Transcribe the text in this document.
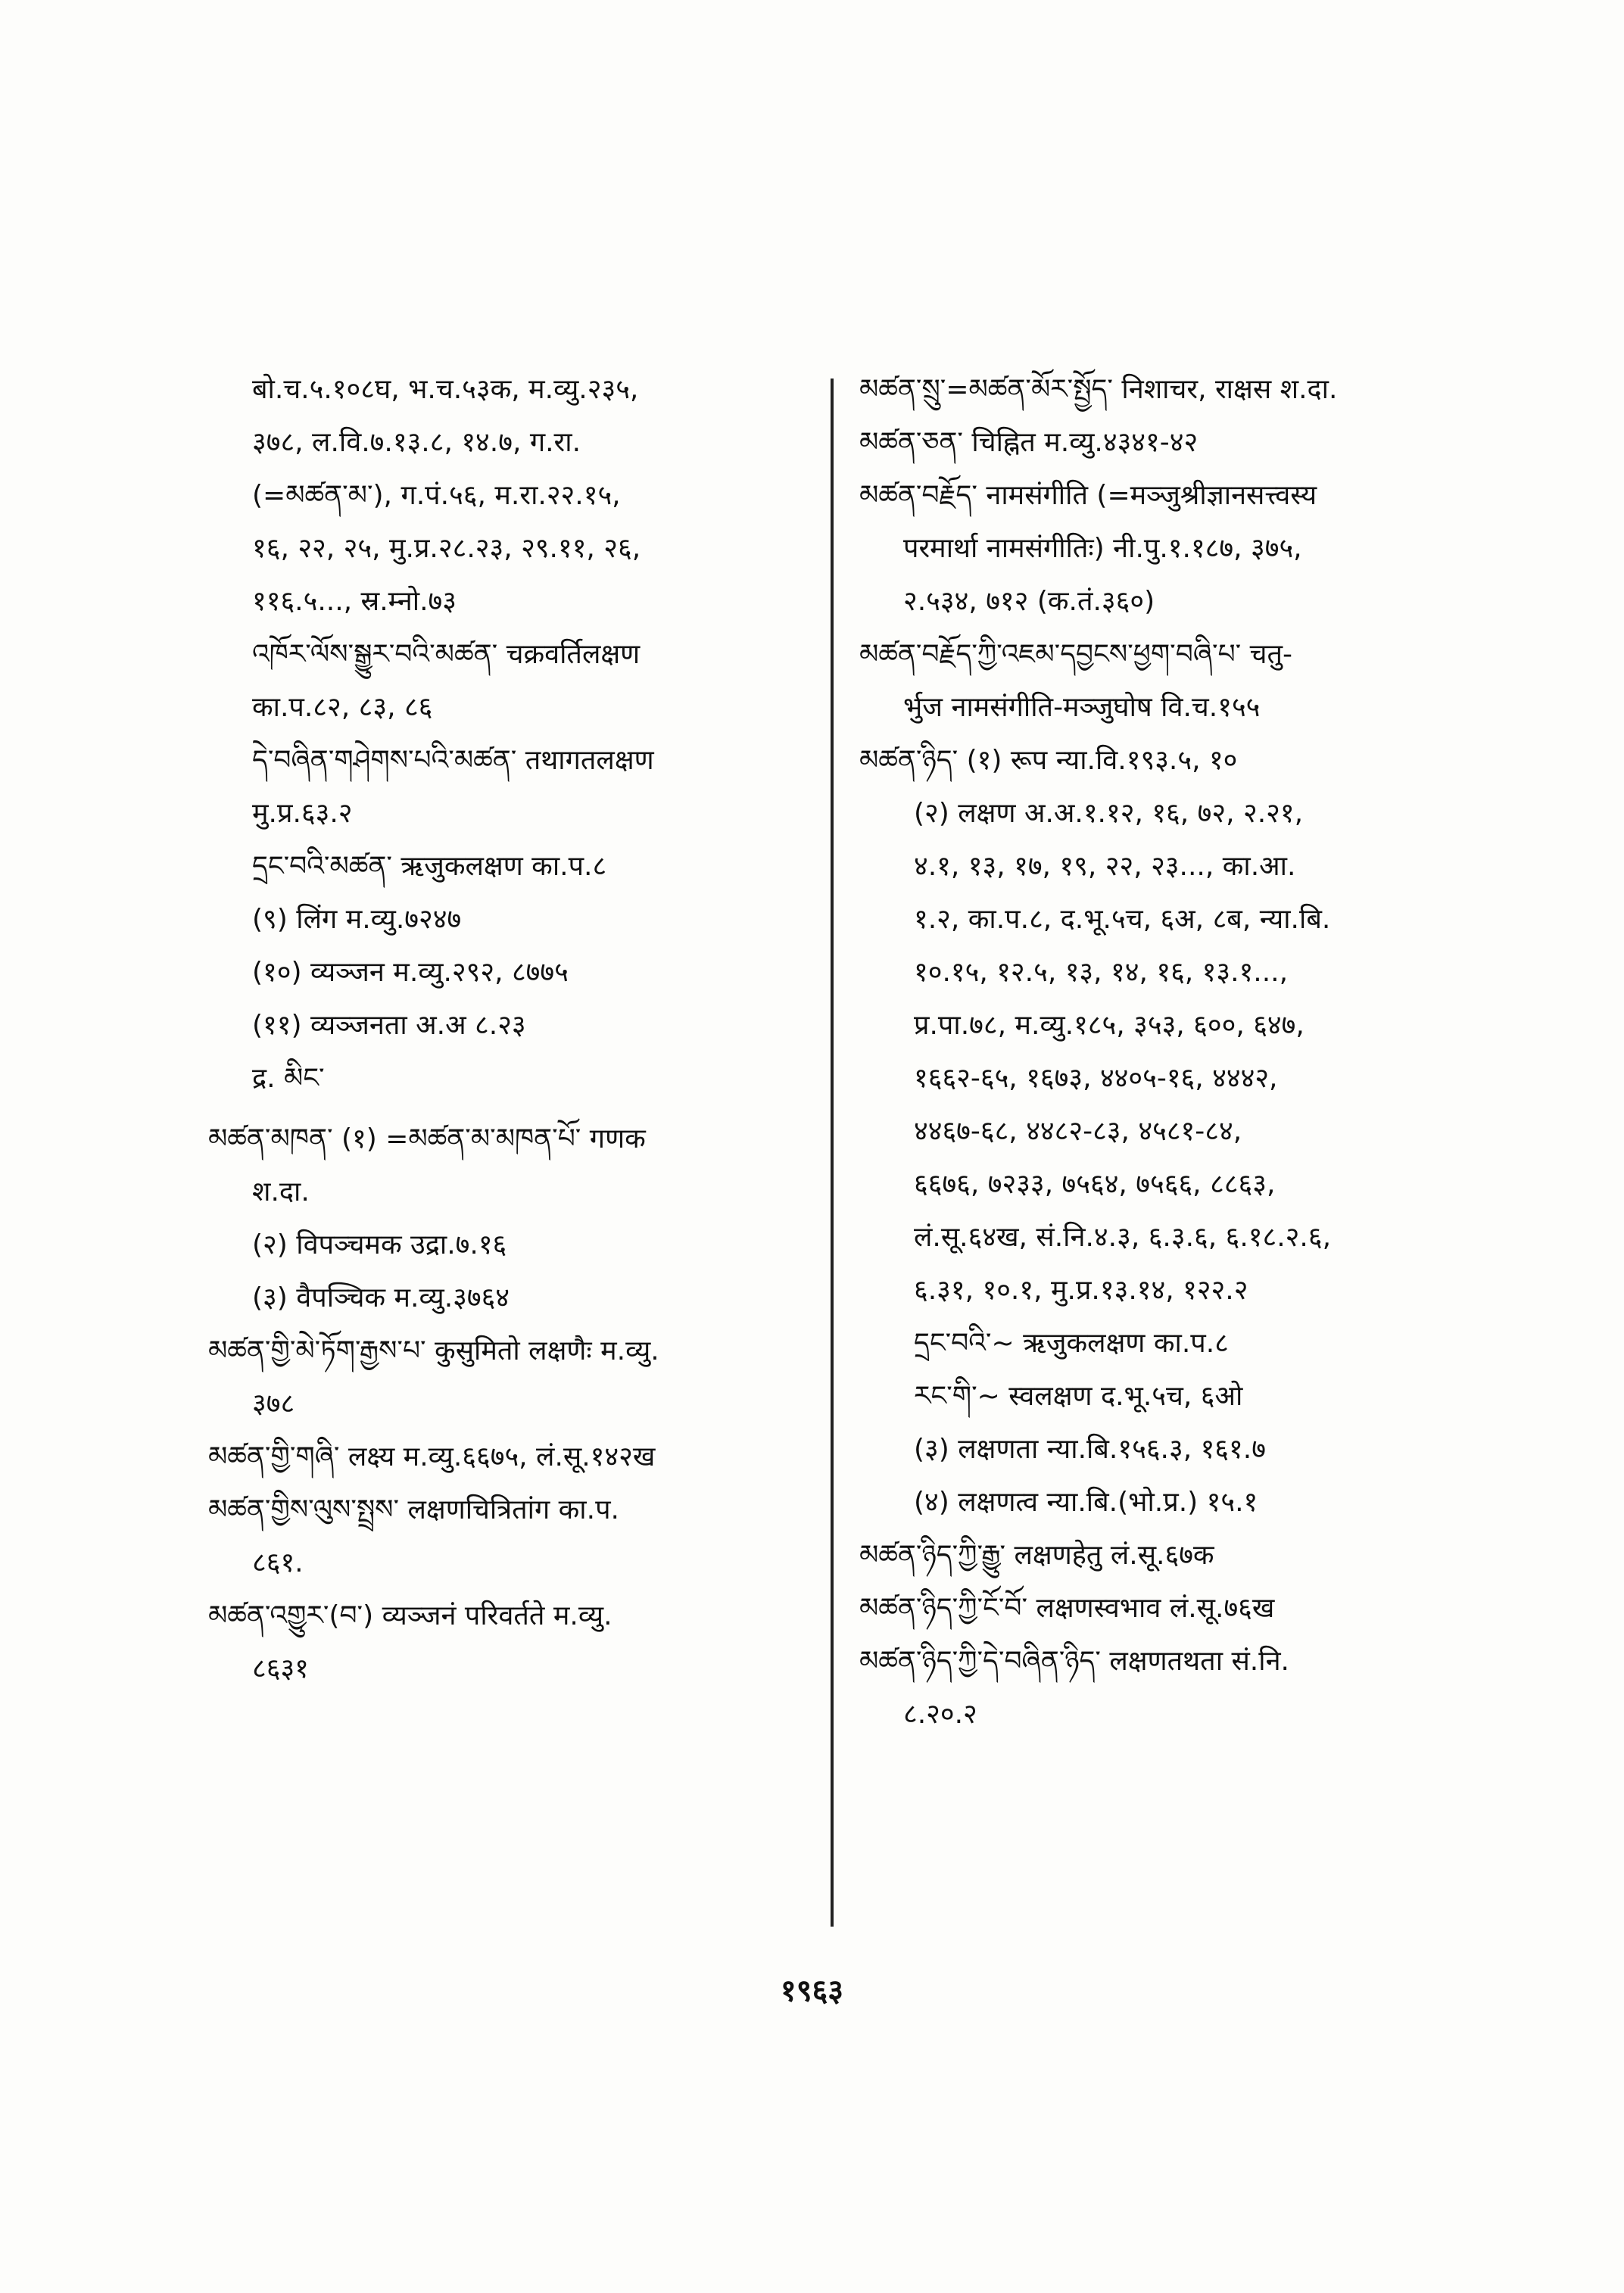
बो.च.५.१०८घ, भ.च.५३क, म.व्यु.२३५,
३७८, ल.वि.७.१३.८, १४.७, ग.रा.
(=མཚན་མ་), ग.पं.५६, म.रा.२२.१५,
१६, २२, २५, मु.प्र.२८.२३, २९.११, २६,
११६.५..., स्र.म्नो.७३
འཁོར་ལོས་སྒྱུར་བའི་མཚན་ चक्रवर्तिलक्षण
का.प.८२, ८३, ८६
དེ་བཞིན་གཤེགས་པའི་མཚན་ तथागतलक्षण
मु.प्र.६३.२
དྲང་བའི་མཚན་ ऋजुकलक्षण का.प.८
(९) लिंग म.व्यु.७२४७
(१०) व्यञ्जन म.व्यु.२९२, ८७७५
(११) व्यञ्जनता अ.अ ८.२३
द्र. མིང་
མཚན་མཁན་ (१) =མཚན་མ་མཁན་པོ་ गणक
श.दा.
(२) विपञ्चमक उद्रा.७.१६
(३) वैपञ्चिक म.व्यु.३७६४
མཚན་གྱི་མེ་ཏོག་རྒྱས་པ་ कुसुमितो लक्षणैः म.व्यु.
३७८
མཚན་གྱི་གཞི་ लक्ष्य म.व्यु.६६७५, लं.सू.१४२ख
མཚན་གྱིས་ལུས་སྤྲས་ लक्षणचित्रितांग का.प.
८६१.
མཚན་འགྱུར་(བ་) व्यञ्जनं परिवर्तते म.व्यु.
८६३१
མཚན་སྲུ་=མཚན་མོར་སྤྱོད་ निशाचर, राक्षस श.दा.
མཚན་ཅན་ चिह्नित म.व्यु.४३४१-४२
མཚན་བརྗོད་ नामसंगीति (=मञ्जुश्रीज्ञानसत्त्वस्य
परमार्था नामसंगीतिः) नी.पु.१.१८७, ३७५,
२.५३४, ७१२ (क.तं.३६०)
མཚན་བརྗོད་ཀྱི་འཇམ་དབྱངས་ཕྱག་བཞི་པ་ चतु-
र्भुज नामसंगीति-मञ्जुघोष वि.च.१५५
མཚན་ཉིད་ (१) रूप न्या.वि.१९३.५, १०
(२) लक्षण अ.अ.१.१२, १६, ७२, २.२१,
४.१, १३, १७, १९, २२, २३..., का.आ.
१.२, का.प.८, द.भू.५च, ६अ, ८ब, न्या.बि.
१०.१५, १२.५, १३, १४, १६, १३.१...,
प्र.पा.७८, म.व्यु.१८५, ३५३, ६००, ६४७,
१६६२-६५, १६७३, ४४०५-१६, ४४४२,
४४६७-६८, ४४८२-८३, ४५८१-८४,
६६७६, ७२३३, ७५६४, ७५६६, ८८६३,
लं.सू.६४ख, सं.नि.४.३, ६.३.६, ६.१८.२.६,
६.३१, १०.१, मु.प्र.१३.१४, १२२.२
དྲང་བའི་~ ऋजुकलक्षण का.प.८
རང་གི་~ स्वलक्षण द.भू.५च, ६ओ
(३) लक्षणता न्या.बि.१५६.३, १६१.७
(४) लक्षणत्व न्या.बि.(भो.प्र.) १५.१
མཚན་ཉིད་ཀྱི་རྒྱུ་ लक्षणहेतु लं.सू.६७क
མཚན་ཉིད་ཀྱི་ངོ་བོ་ लक्षणस्वभाव लं.सू.७६ख
མཚན་ཉིད་ཀྱི་དེ་བཞིན་ཉིད་ लक्षणतथता सं.नि.
८.२०.२
१९६३
